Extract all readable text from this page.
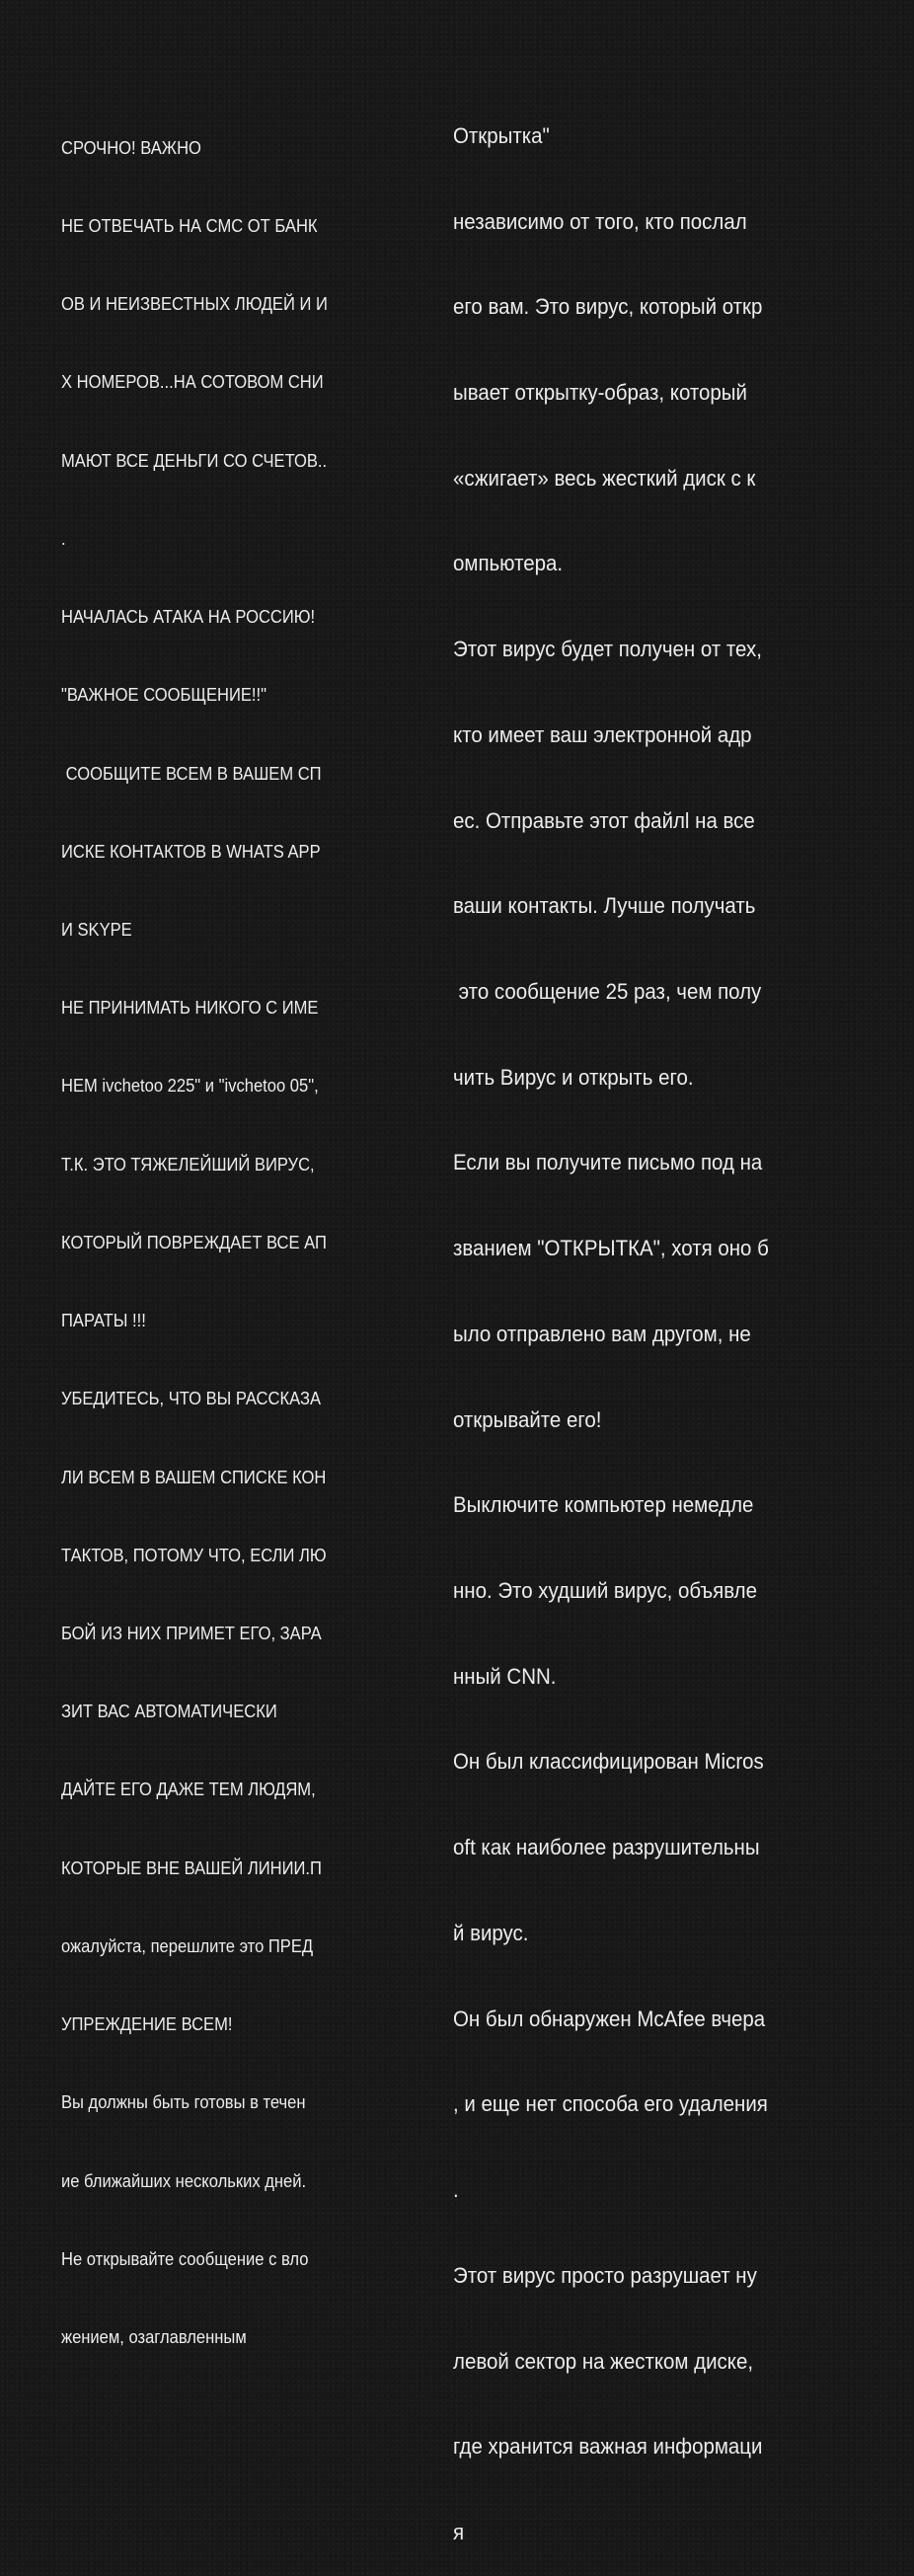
СРОЧНО! ВАЖНО

НЕ ОТВЕЧАТЬ НА СМС ОТ БАНК

ОВ И НЕИЗВЕСТНЫХ ЛЮДЕЙ И И

Х НОМЕРОВ...НА СОТОВОМ СНИ

МАЮТ ВСЕ ДЕНЬГИ СО СЧЕТОВ..

.

НАЧАЛАСЬ АТАКА НА РОССИЮ!

"ВАЖНОЕ СООБЩЕНИЕ!!"

СООБЩИТЕ ВСЕМ В ВАШЕМ СП

ИСКЕ КОНТАКТОВ В WHATS APP

И SKYPE

НЕ ПРИНИМАТЬ НИКОГО С ИМЕ

НЕМ ivchetoo 225" и "ivchetoo 05",

Т.К. ЭТО ТЯЖЕЛЕЙШИЙ ВИРУС,

КОТОРЫЙ ПОВРЕЖДАЕТ ВСЕ АП

ПАРАТЫ !!!

УБЕДИТЕСЬ, ЧТО ВЫ РАССКАЗА

ЛИ ВСЕМ В ВАШЕМ СПИСКЕ КОН

ТАКТОВ, ПОТОМУ ЧТО, ЕСЛИ ЛЮ

БОЙ ИЗ НИХ ПРИМЕТ ЕГО, ЗАРА

ЗИТ ВАС АВТОМАТИЧЕСКИ

ДАЙТЕ ЕГО ДАЖЕ ТЕМ ЛЮДЯМ,

КОТОРЫЕ ВНЕ ВАШЕЙ ЛИНИИ.П

ожалуйста, перешлите это ПРЕД

УПРЕЖДЕНИЕ ВСЕМ!

Вы должны быть готовы в течен

ие ближайших нескольких дней.

Не открывайте сообщение с вло

жением, озаглавленным

Открытка"

независимо от того, кто послал

его вам. Это вирус, который откр

ывает открытку-образ, который

«сжигает» весь жесткий диск с к

омпьютера.

Этот вирус будет получен от тех,

кто имеет ваш электронной адр

ес. Отправьте этот файлl на все

ваши контакты. Лучше получать

это сообщение 25 раз, чем полу

чить Вирус и открыть его.

Если вы получите письмо под на

званием "ОТКРЫТКА", хотя оно б

ыло отправлено вам другом, не

открывайте его!

Выключите компьютер немедле

нно. Это худший вирус, объявле

нный CNN.

Он был классифицирован Micros

oft как наиболее разрушительны

й вирус.

Он был обнаружен McAfee вчера

, и еще нет способа его удаления

.

Этот вирус просто разрушает ну

левой сектор на жестком диске,

где хранится важная информаци

я
